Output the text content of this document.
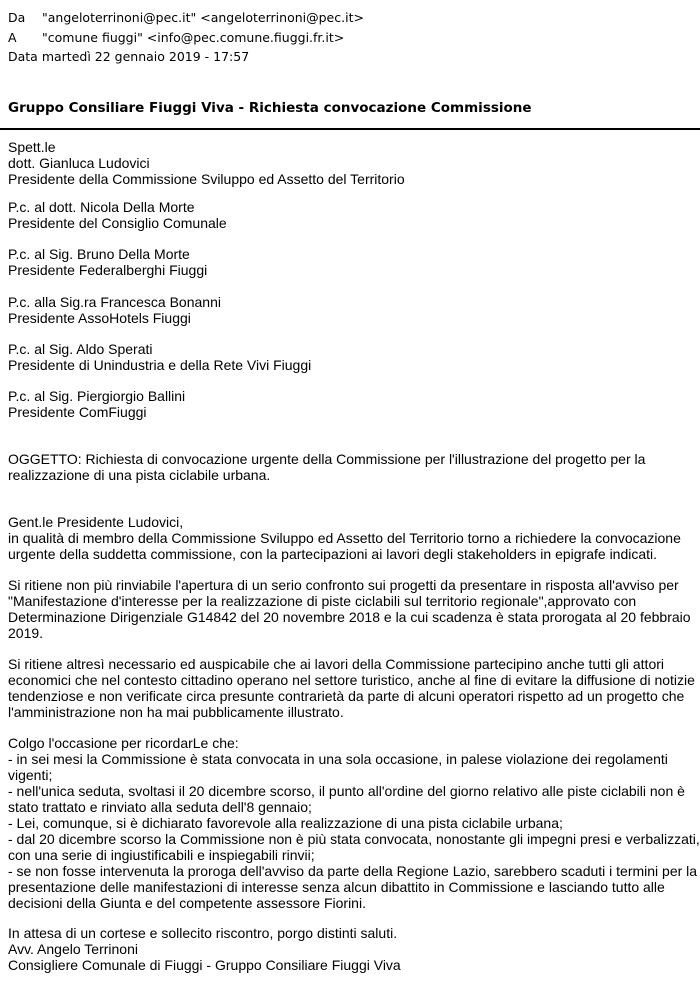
Da "angeloterrinoni@pec.it" <angeloterrinoni@pec.it>
A "comune fiuggi" <info@pec.comune.fiuggi.fr.it>
Data martedì 22 gennaio 2019 - 17:57
Gruppo Consiliare Fiuggi Viva - Richiesta convocazione Commissione
Spett.le
dott. Gianluca Ludovici
Presidente della Commissione Sviluppo ed Assetto del Territorio
P.c. al dott. Nicola Della Morte
Presidente del Consiglio Comunale
P.c. al Sig. Bruno Della Morte
Presidente Federalberghi Fiuggi
P.c. alla Sig.ra Francesca Bonanni
Presidente AssoHotels Fiuggi
P.c. al Sig. Aldo Sperati
Presidente di Unindustria e della Rete Vivi Fiuggi
P.c. al Sig. Piergiorgio Ballini
Presidente ComFiuggi
OGGETTO: Richiesta di convocazione urgente della Commissione per l'illustrazione del progetto per la
realizzazione di una pista ciclabile urbana.
Gent.le Presidente Ludovici,
in qualità di membro della Commissione Sviluppo ed Assetto del Territorio torno a richiedere la convocazione
urgente della suddetta commissione, con la partecipazioni ai lavori degli stakeholders in epigrafe indicati.
Si ritiene non più rinviabile l'apertura di un serio confronto sui progetti da presentare in risposta all'avviso per
"Manifestazione d'interesse per la realizzazione di piste ciclabili sul territorio regionale",approvato con
Determinazione Dirigenziale G14842 del 20 novembre 2018 e la cui scadenza è stata prorogata al 20 febbraio
2019.
Si ritiene altresì necessario ed auspicabile che ai lavori della Commissione partecipino anche tutti gli attori
economici che nel contesto cittadino operano nel settore turistico, anche al fine di evitare la diffusione di notizie
tendenziose e non verificate circa presunte contrarietà da parte di alcuni operatori rispetto ad un progetto che
l'amministrazione non ha mai pubblicamente illustrato.
Colgo l'occasione per ricordarLe che:
- in sei mesi la Commissione è stata convocata in una sola occasione, in palese violazione dei regolamenti
vigenti;
- nell'unica seduta, svoltasi il 20 dicembre scorso, il punto all'ordine del giorno relativo alle piste ciclabili non è
stato trattato e rinviato alla seduta dell'8 gennaio;
- Lei, comunque, si è dichiarato favorevole alla realizzazione di una pista ciclabile urbana;
- dal 20 dicembre scorso la Commissione non è più stata convocata, nonostante gli impegni presi e verbalizzati,
con una serie di ingiustificabili e inspiegabili rinvii;
- se non fosse intervenuta la proroga dell'avviso da parte della Regione Lazio, sarebbero scaduti i termini per la
presentazione delle manifestazioni di interesse senza alcun dibattito in Commissione e lasciando tutto alle
decisioni della Giunta e del competente assessore Fiorini.
In attesa di un cortese e sollecito riscontro, porgo distinti saluti.
Avv. Angelo Terrinoni
Consigliere Comunale di Fiuggi - Gruppo Consiliare Fiuggi Viva
